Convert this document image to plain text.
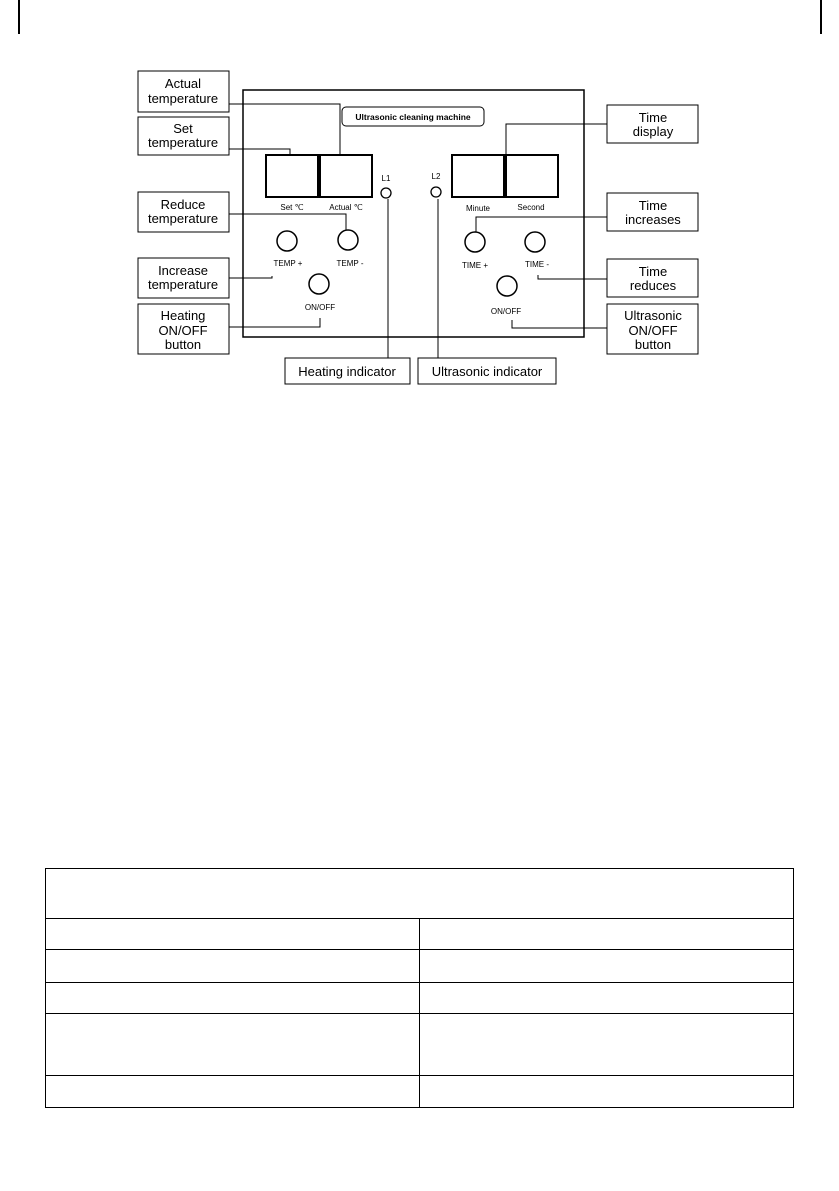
Ultrasonic cleaning machine
Set ℃	Actual ℃	Minute	Second
L1	L2
TEMP +	TEMP -
ON/OFF
TIME +	TIME -
ON/OFF
Actual temperature
Set temperature
Reduce temperature
Increase temperature
Heating ON/OFF button
Time display
Time increases
Time reduces
Ultrasonic ON/OFF button
Heating indicator	Ultrasonic indicator
